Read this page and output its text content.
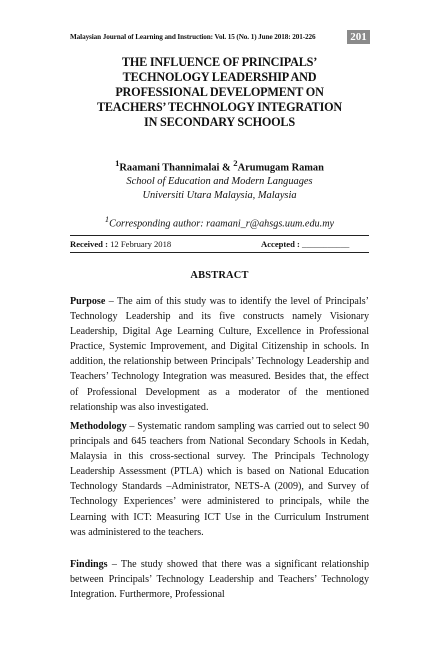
Malaysian Journal of Learning and Instruction: Vol. 15 (No. 1) June 2018: 201-226	201
THE INFLUENCE OF PRINCIPALS’
TECHNOLOGY LEADERSHIP AND
PROFESSIONAL DEVELOPMENT ON
TEACHERS’ TECHNOLOGY INTEGRATION
IN SECONDARY SCHOOLS
$^1$Raamani Thannimalai & $^2$Arumugam Raman
School of Education and Modern Languages
Universiti Utara Malaysia, Malaysia
$^1$Corresponding author: raamani_r@ahsgs.uum.edu.my
Received : 12 February 2018	Accepted : ___________
ABSTRACT
Purpose – The aim of this study was to identify the level of Principals’ Technology Leadership and its five constructs namely Visionary Leadership, Digital Age Learning Culture, Excellence in Professional Practice, Systemic Improvement, and Digital Citizenship in schools. In addition, the relationship between Principals’ Technology Leadership and Teachers’ Technology Integration was measured. Besides that, the effect of Professional Development as a moderator of the mentioned relationship was also investigated.
Methodology – Systematic random sampling was carried out to select 90 principals and 645 teachers from National Secondary Schools in Kedah, Malaysia in this cross-sectional survey. The Principals Technology Leadership Assessment (PTLA) which is based on National Education Technology Standards –Administrator, NETS-A (2009), and Survey of Technology Experiences’ were administered to principals, while the Learning with ICT: Measuring ICT Use in the Curriculum Instrument was administered to the teachers.
Findings – The study showed that there was a significant relationship between Principals’ Technology Leadership and Teachers’ Technology Integration. Furthermore, Professional
